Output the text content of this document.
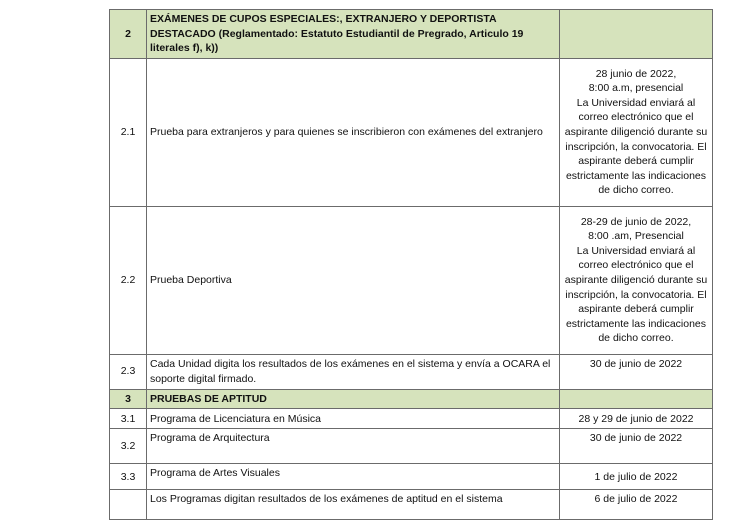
2	EXÁMENES DE CUPOS ESPECIALES:, EXTRANJERO Y DEPORTISTA DESTACADO (Reglamentado: Estatuto Estudiantil de Pregrado, Articulo 19 literales f), k))	
2.1	Prueba para extranjeros y para quienes se inscribieron con exámenes del extranjero	28 junio de 2022,
8:00 a.m, presencial
La Universidad enviará al correo electrónico que el aspirante diligenció durante su inscripción, la convocatoria. El aspirante deberá cumplir estrictamente las indicaciones de dicho correo.
2.2	Prueba Deportiva	28-29 de junio de 2022,
8:00 .am, Presencial
La Universidad enviará al correo electrónico que el aspirante diligenció durante su inscripción, la convocatoria. El aspirante deberá cumplir estrictamente las indicaciones de dicho correo.
2.3	Cada Unidad digita los resultados de los exámenes en el sistema y envía a OCARA el soporte digital firmado.	30 de junio de 2022
3	PRUEBAS DE APTITUD	
3.1	Programa de Licenciatura en Música	28 y 29 de junio de 2022
3.2	Programa de Arquitectura	30 de junio de 2022
3.3	Programa de Artes Visuales	1 de julio de 2022
	Los Programas digitan resultados de los exámenes de aptitud en el sistema	6 de julio de 2022
